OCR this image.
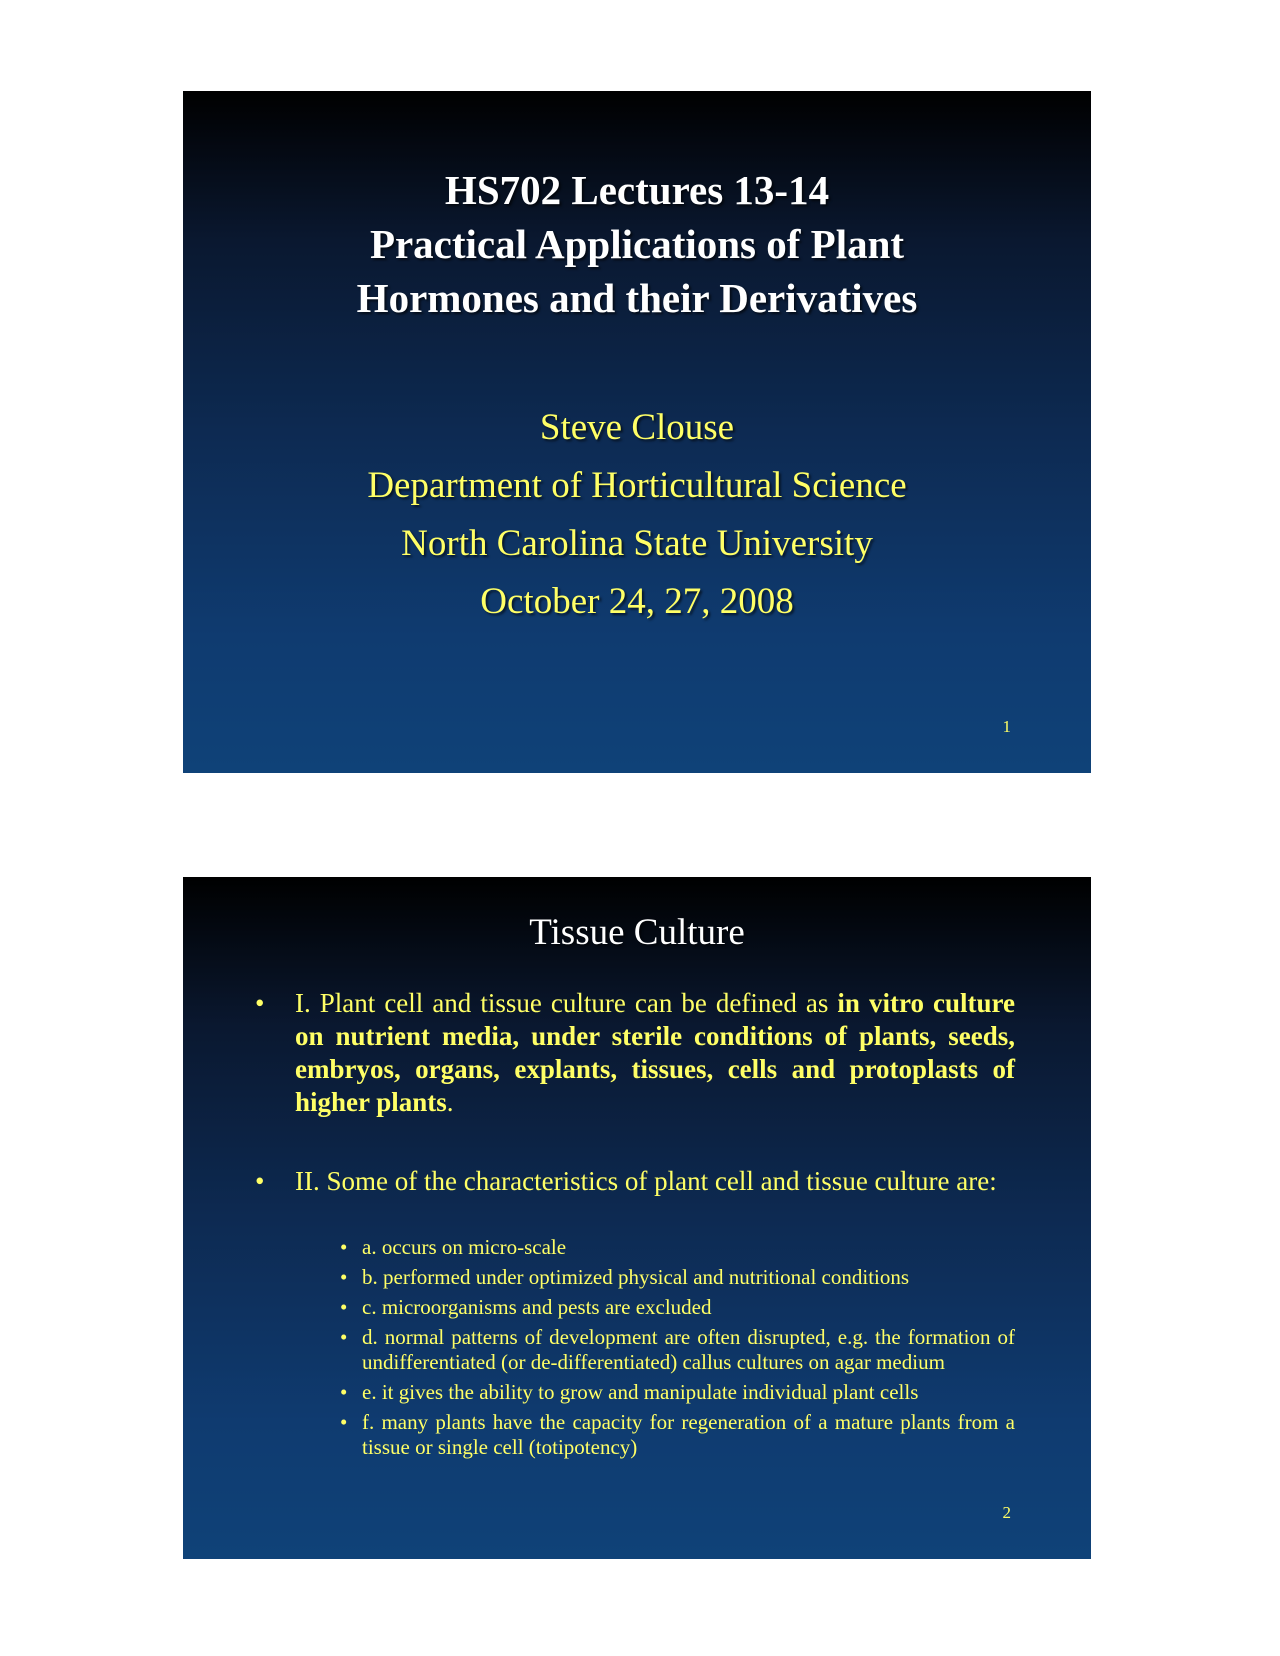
HS702 Lectures 13-14
Practical Applications of Plant
Hormones and their Derivatives
Steve Clouse
Department of Horticultural Science
North Carolina State University
October 24, 27, 2008
1
Tissue Culture
•	I. Plant cell and tissue culture can be defined as in vitro culture on nutrient media, under sterile conditions of plants, seeds, embryos, organs, explants, tissues, cells and protoplasts of higher plants.
•	II. Some of the characteristics of plant cell and tissue culture are:
• a. occurs on micro-scale
• b. performed under optimized physical and nutritional conditions
• c. microorganisms and pests are excluded
• d. normal patterns of development are often disrupted, e.g. the formation of undifferentiated (or de-differentiated) callus cultures on agar medium
• e. it gives the ability to grow and manipulate individual plant cells
• f. many plants have the capacity for regeneration of a mature plants from a tissue or single cell (totipotency)
2
